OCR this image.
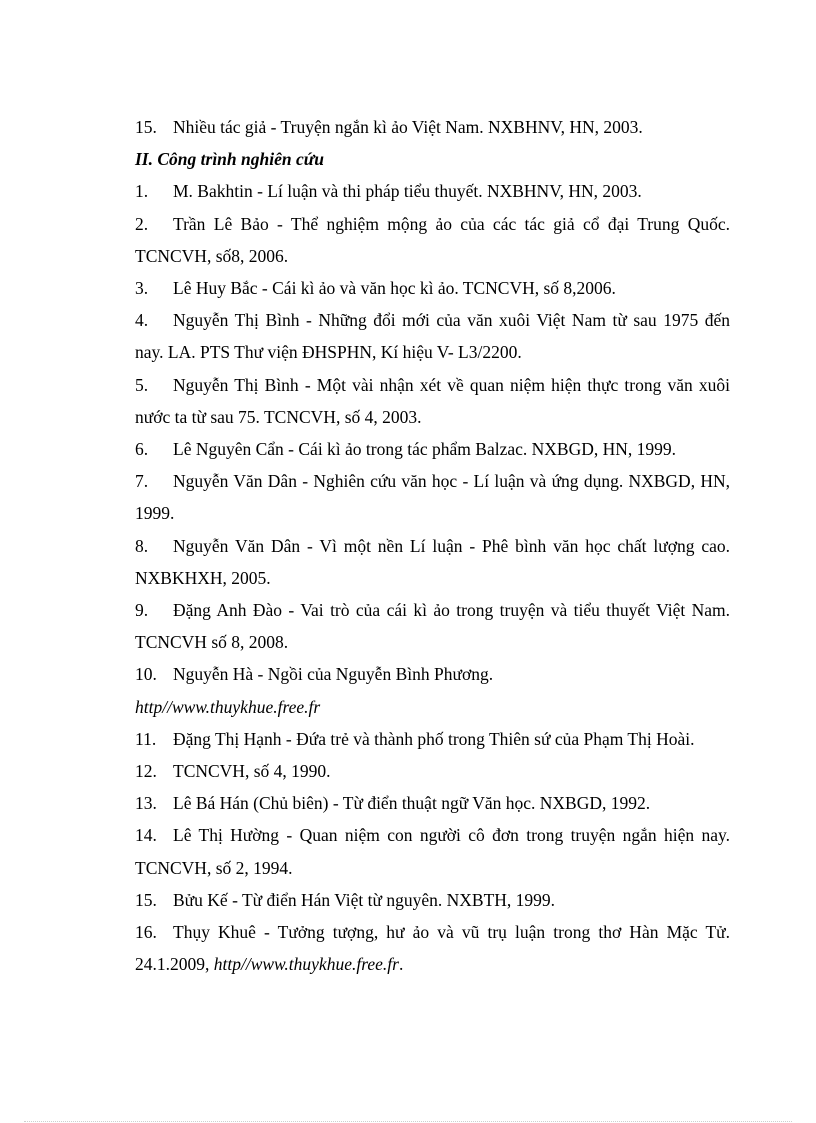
15. Nhiều tác giả - Truyện ngắn kì ảo Việt Nam. NXBHNV, HN, 2003.

II. Công trình nghiên cứu

1. M. Bakhtin - Lí luận và thi pháp tiểu thuyết. NXBHNV, HN, 2003.

2. Trần Lê Bảo - Thể nghiệm mộng ảo của các tác giả cổ đại Trung Quốc. TCNCVH, số8, 2006.

3. Lê Huy Bắc - Cái kì ảo và văn học kì ảo. TCNCVH, số 8,2006.

4. Nguyễn Thị Bình - Những đổi mới của văn xuôi Việt Nam từ sau 1975 đến nay. LA. PTS Thư viện ĐHSPHN, Kí hiệu V- L3/2200.

5. Nguyễn Thị Bình - Một vài nhận xét về quan niệm hiện thực trong văn xuôi nước ta từ sau 75. TCNCVH, số 4, 2003.

6. Lê Nguyên Cẩn - Cái kì ảo trong tác phẩm Balzac. NXBGD, HN, 1999.

7. Nguyễn Văn Dân - Nghiên cứu văn học - Lí luận và ứng dụng. NXBGD, HN, 1999.

8. Nguyễn Văn Dân - Vì một nền Lí luận - Phê bình văn học chất lượng cao. NXBKHXH, 2005.

9. Đặng Anh Đào - Vai trò của cái kì ảo trong truyện và tiểu thuyết Việt Nam. TCNCVH số 8, 2008.

10. Nguyễn Hà - Ngồi của Nguyễn Bình Phương.
http//www.thuykhue.free.fr

11. Đặng Thị Hạnh - Đứa trẻ và thành phố trong Thiên sứ của Phạm Thị Hoài.

12. TCNCVH, số 4, 1990.

13. Lê Bá Hán (Chủ biên) - Từ điển thuật ngữ Văn học. NXBGD, 1992.

14. Lê Thị Hường - Quan niệm con người cô đơn trong truyện ngắn hiện nay. TCNCVH, số 2, 1994.

15. Bửu Kế - Từ điển Hán Việt từ nguyên. NXBTH, 1999.

16. Thụy Khuê - Tưởng tượng, hư ảo và vũ trụ luận trong thơ Hàn Mặc Tử. 24.1.2009, http//www.thuykhue.free.fr.
